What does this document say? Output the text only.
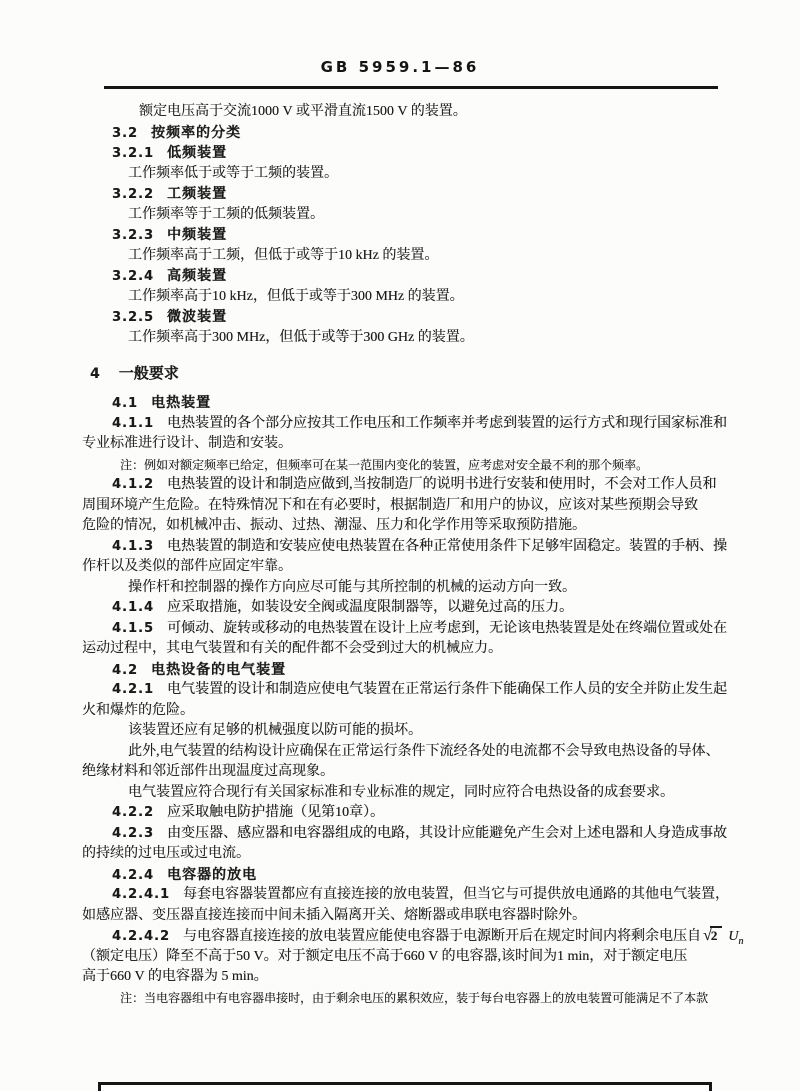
GB 5959.1—86
额定电压高于交流1000 V 或平滑直流1500 V 的装置。
3.2 按频率的分类
3.2.1 低频装置
工作频率低于或等于工频的装置。
3.2.2 工频装置
工作频率等于工频的低频装置。
3.2.3 中频装置
工作频率高于工频，但低于或等于10 kHz 的装置。
3.2.4 高频装置
工作频率高于10 kHz，但低于或等于300 MHz 的装置。
3.2.5 微波装置
工作频率高于300 MHz，但低于或等于300 GHz 的装置。
4 一般要求
4.1 电热装置
4.1.1 电热装置的各个部分应按其工作电压和工作频率并考虑到装置的运行方式和现行国家标准和
专业标准进行设计、制造和安装。
注：例如对额定频率已给定，但频率可在某一范围内变化的装置，应考虑对安全最不利的那个频率。
4.1.2 电热装置的设计和制造应做到,当按制造厂的说明书进行安装和使用时，不会对工作人员和
周围环境产生危险。在特殊情况下和在有必要时，根据制造厂和用户的协议，应该对某些预期会导致
危险的情况，如机械冲击、振动、过热、潮湿、压力和化学作用等采取预防措施。
4.1.3 电热装置的制造和安装应使电热装置在各种正常使用条件下足够牢固稳定。装置的手柄、操
作杆以及类似的部件应固定牢靠。
操作杆和控制器的操作方向应尽可能与其所控制的机械的运动方向一致。
4.1.4 应采取措施，如装设安全阀或温度限制器等，以避免过高的压力。
4.1.5 可倾动、旋转或移动的电热装置在设计上应考虑到，无论该电热装置是处在终端位置或处在
运动过程中，其电气装置和有关的配件都不会受到过大的机械应力。
4.2 电热设备的电气装置
4.2.1 电气装置的设计和制造应使电气装置在正常运行条件下能确保工作人员的安全并防止发生起
火和爆炸的危险。
该装置还应有足够的机械强度以防可能的损坏。
此外,电气装置的结构设计应确保在正常运行条件下流经各处的电流都不会导致电热设备的导体、
绝缘材料和邻近部件出现温度过高现象。
电气装置应符合现行有关国家标准和专业标准的规定，同时应符合电热设备的成套要求。
4.2.2 应采取触电防护措施（见第10章）。
4.2.3 由变压器、感应器和电容器组成的电路，其设计应能避免产生会对上述电器和人身造成事故
的持续的过电压或过电流。
4.2.4 电容器的放电
4.2.4.1 每套电容器装置都应有直接连接的放电装置，但当它与可提供放电通路的其他电气装置，
如感应器、变压器直接连接而中间未插入隔离开关、熔断器或串联电容器时除外。
4.2.4.2 与电容器直接连接的放电装置应能使电容器于电源断开后在规定时间内将剩余电压自 √2 $U_n$
（额定电压）降至不高于50 V。对于额定电压不高于660 V 的电容器,该时间为1 min，对于额定电压
高于660 V 的电容器为 5 min。
注：当电容器组中有电容器串接时，由于剩余电压的累积效应，装于每台电容器上的放电装置可能满足不了本款
